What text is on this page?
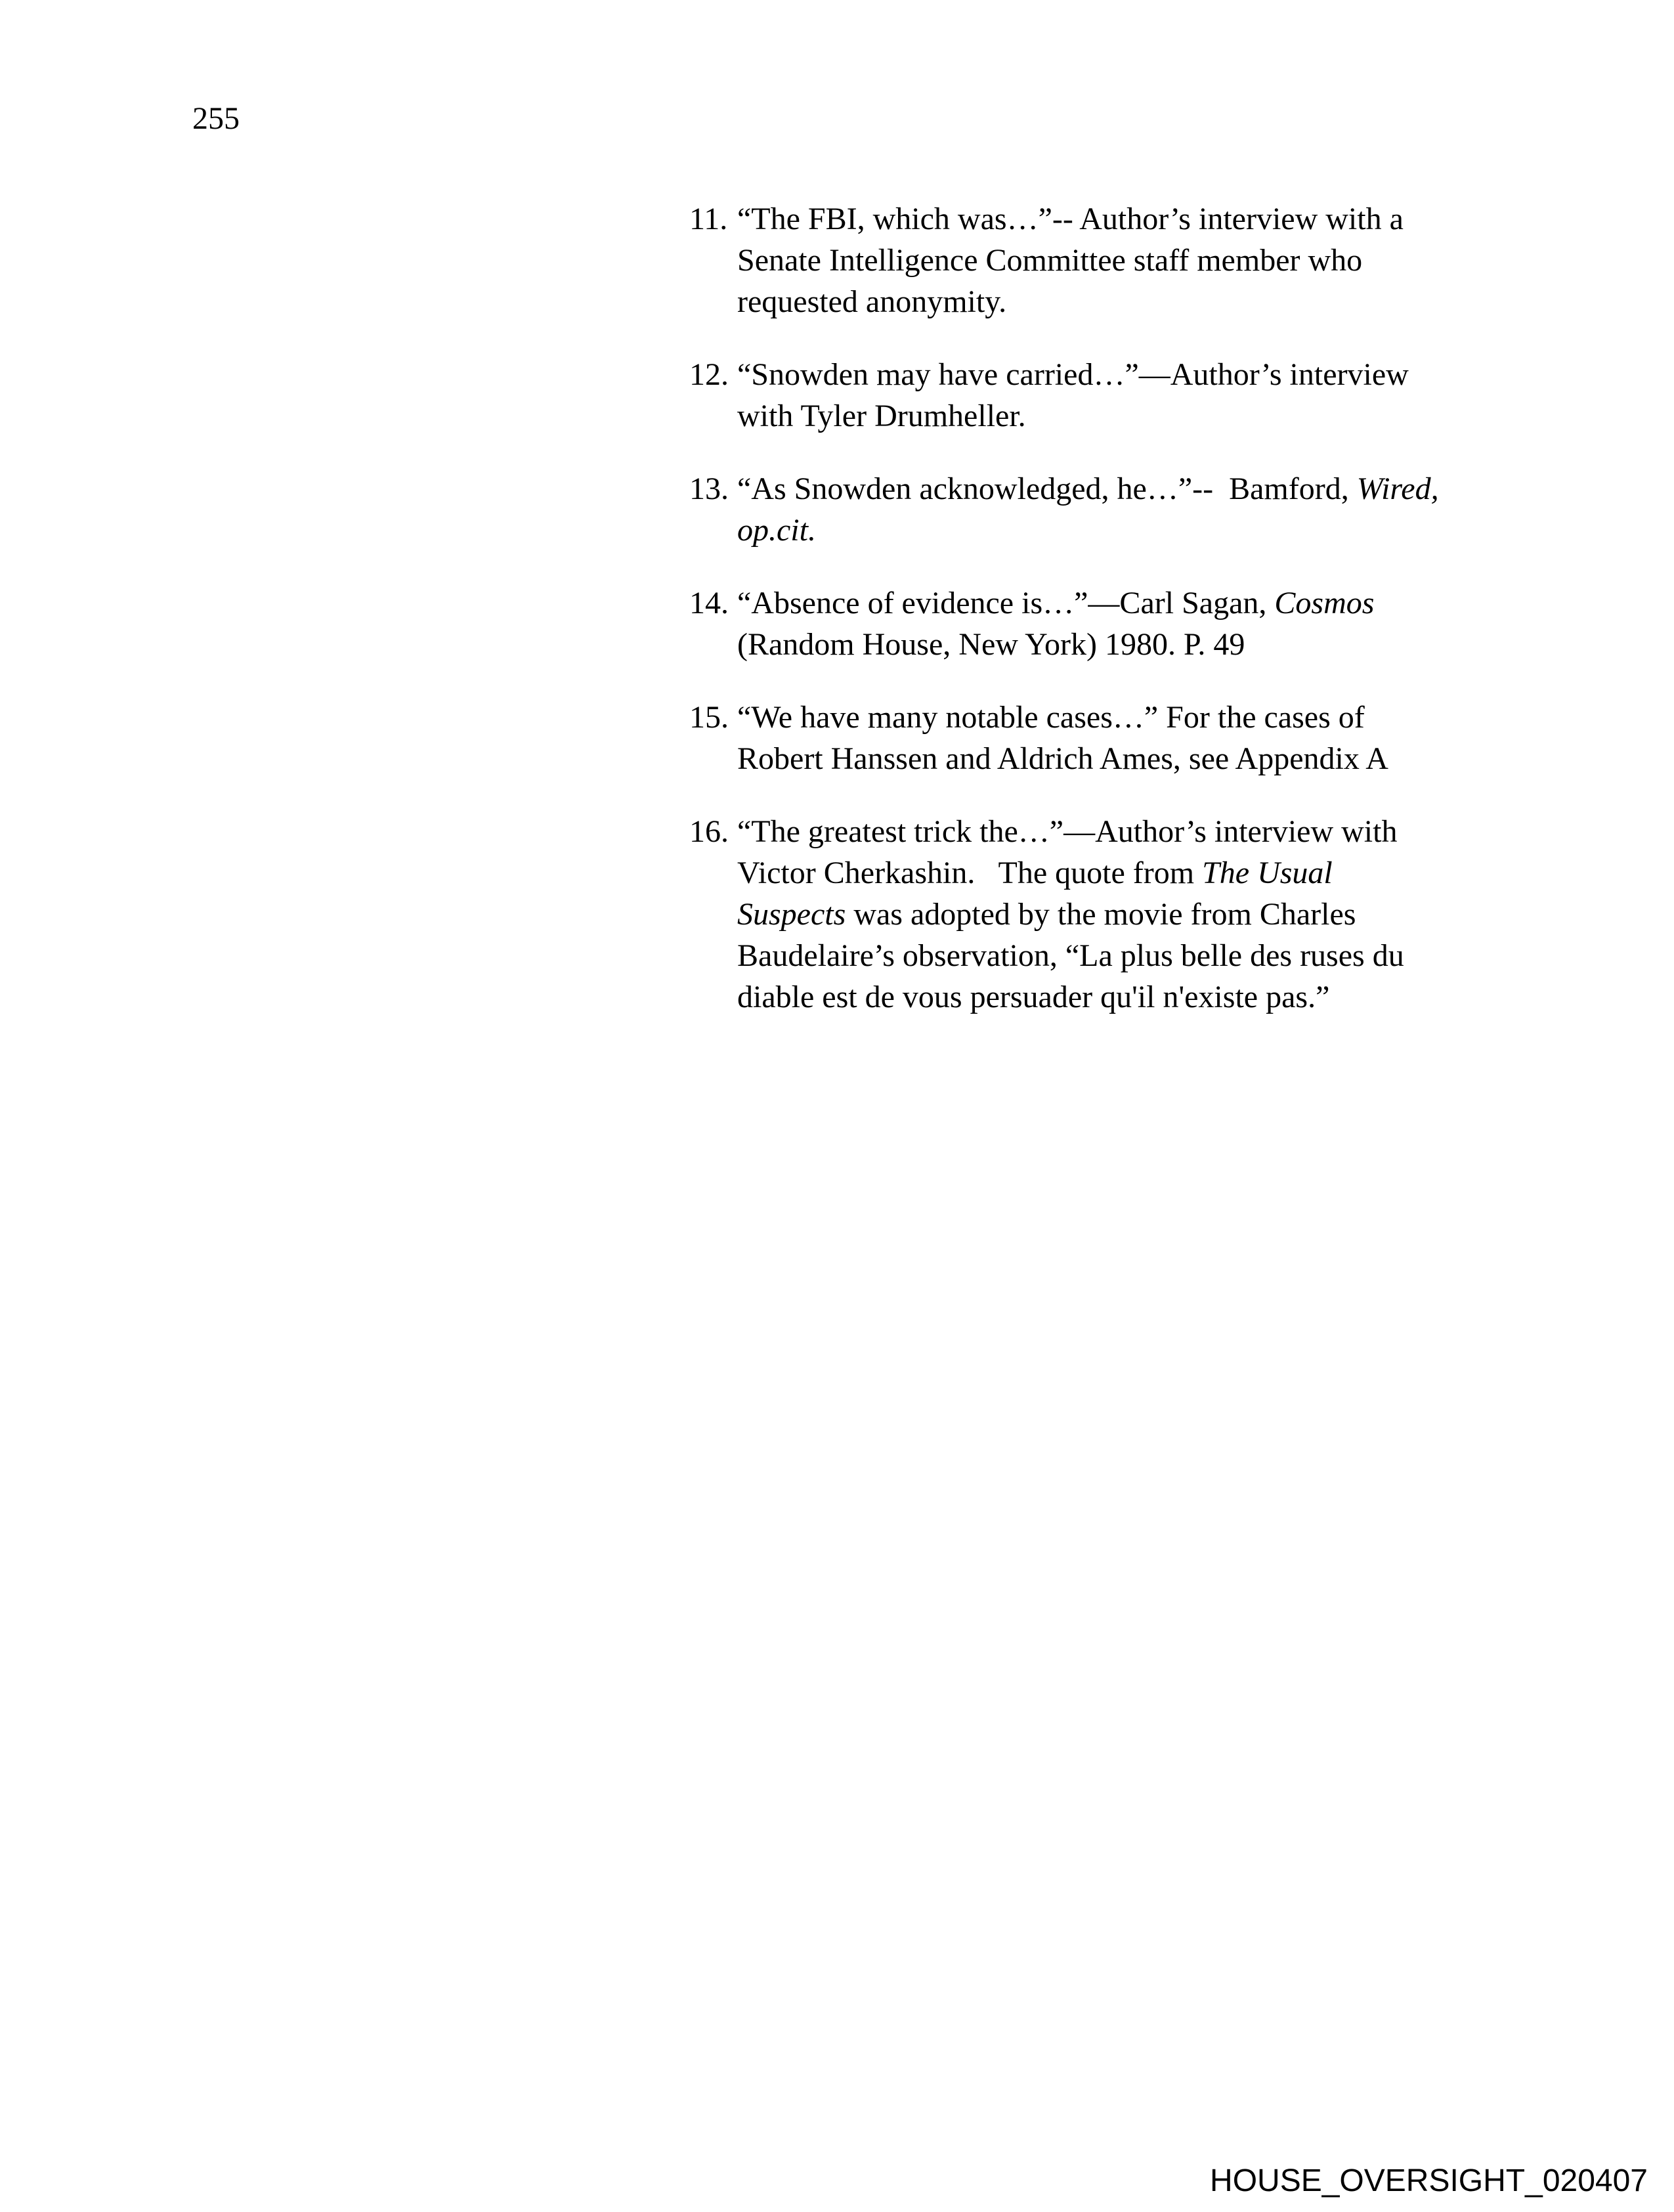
255
11. “The FBI, which was…”-- Author’s interview with a
Senate Intelligence Committee staff member who
requested anonymity.
12. “Snowden may have carried…”—Author’s interview
with Tyler Drumheller.
13. “As Snowden acknowledged, he…”--  Bamford, Wired,
op.cit.
14. “Absence of evidence is…”—Carl Sagan, Cosmos
(Random House, New York) 1980. P. 49
15. “We have many notable cases…” For the cases of
Robert Hanssen and Aldrich Ames, see Appendix A
16. “The greatest trick the…”—Author’s interview with
Victor Cherkashin.   The quote from The Usual
Suspects was adopted by the movie from Charles
Baudelaire’s observation, “La plus belle des ruses du
diable est de vous persuader qu'il n'existe pas.”
HOUSE_OVERSIGHT_020407
